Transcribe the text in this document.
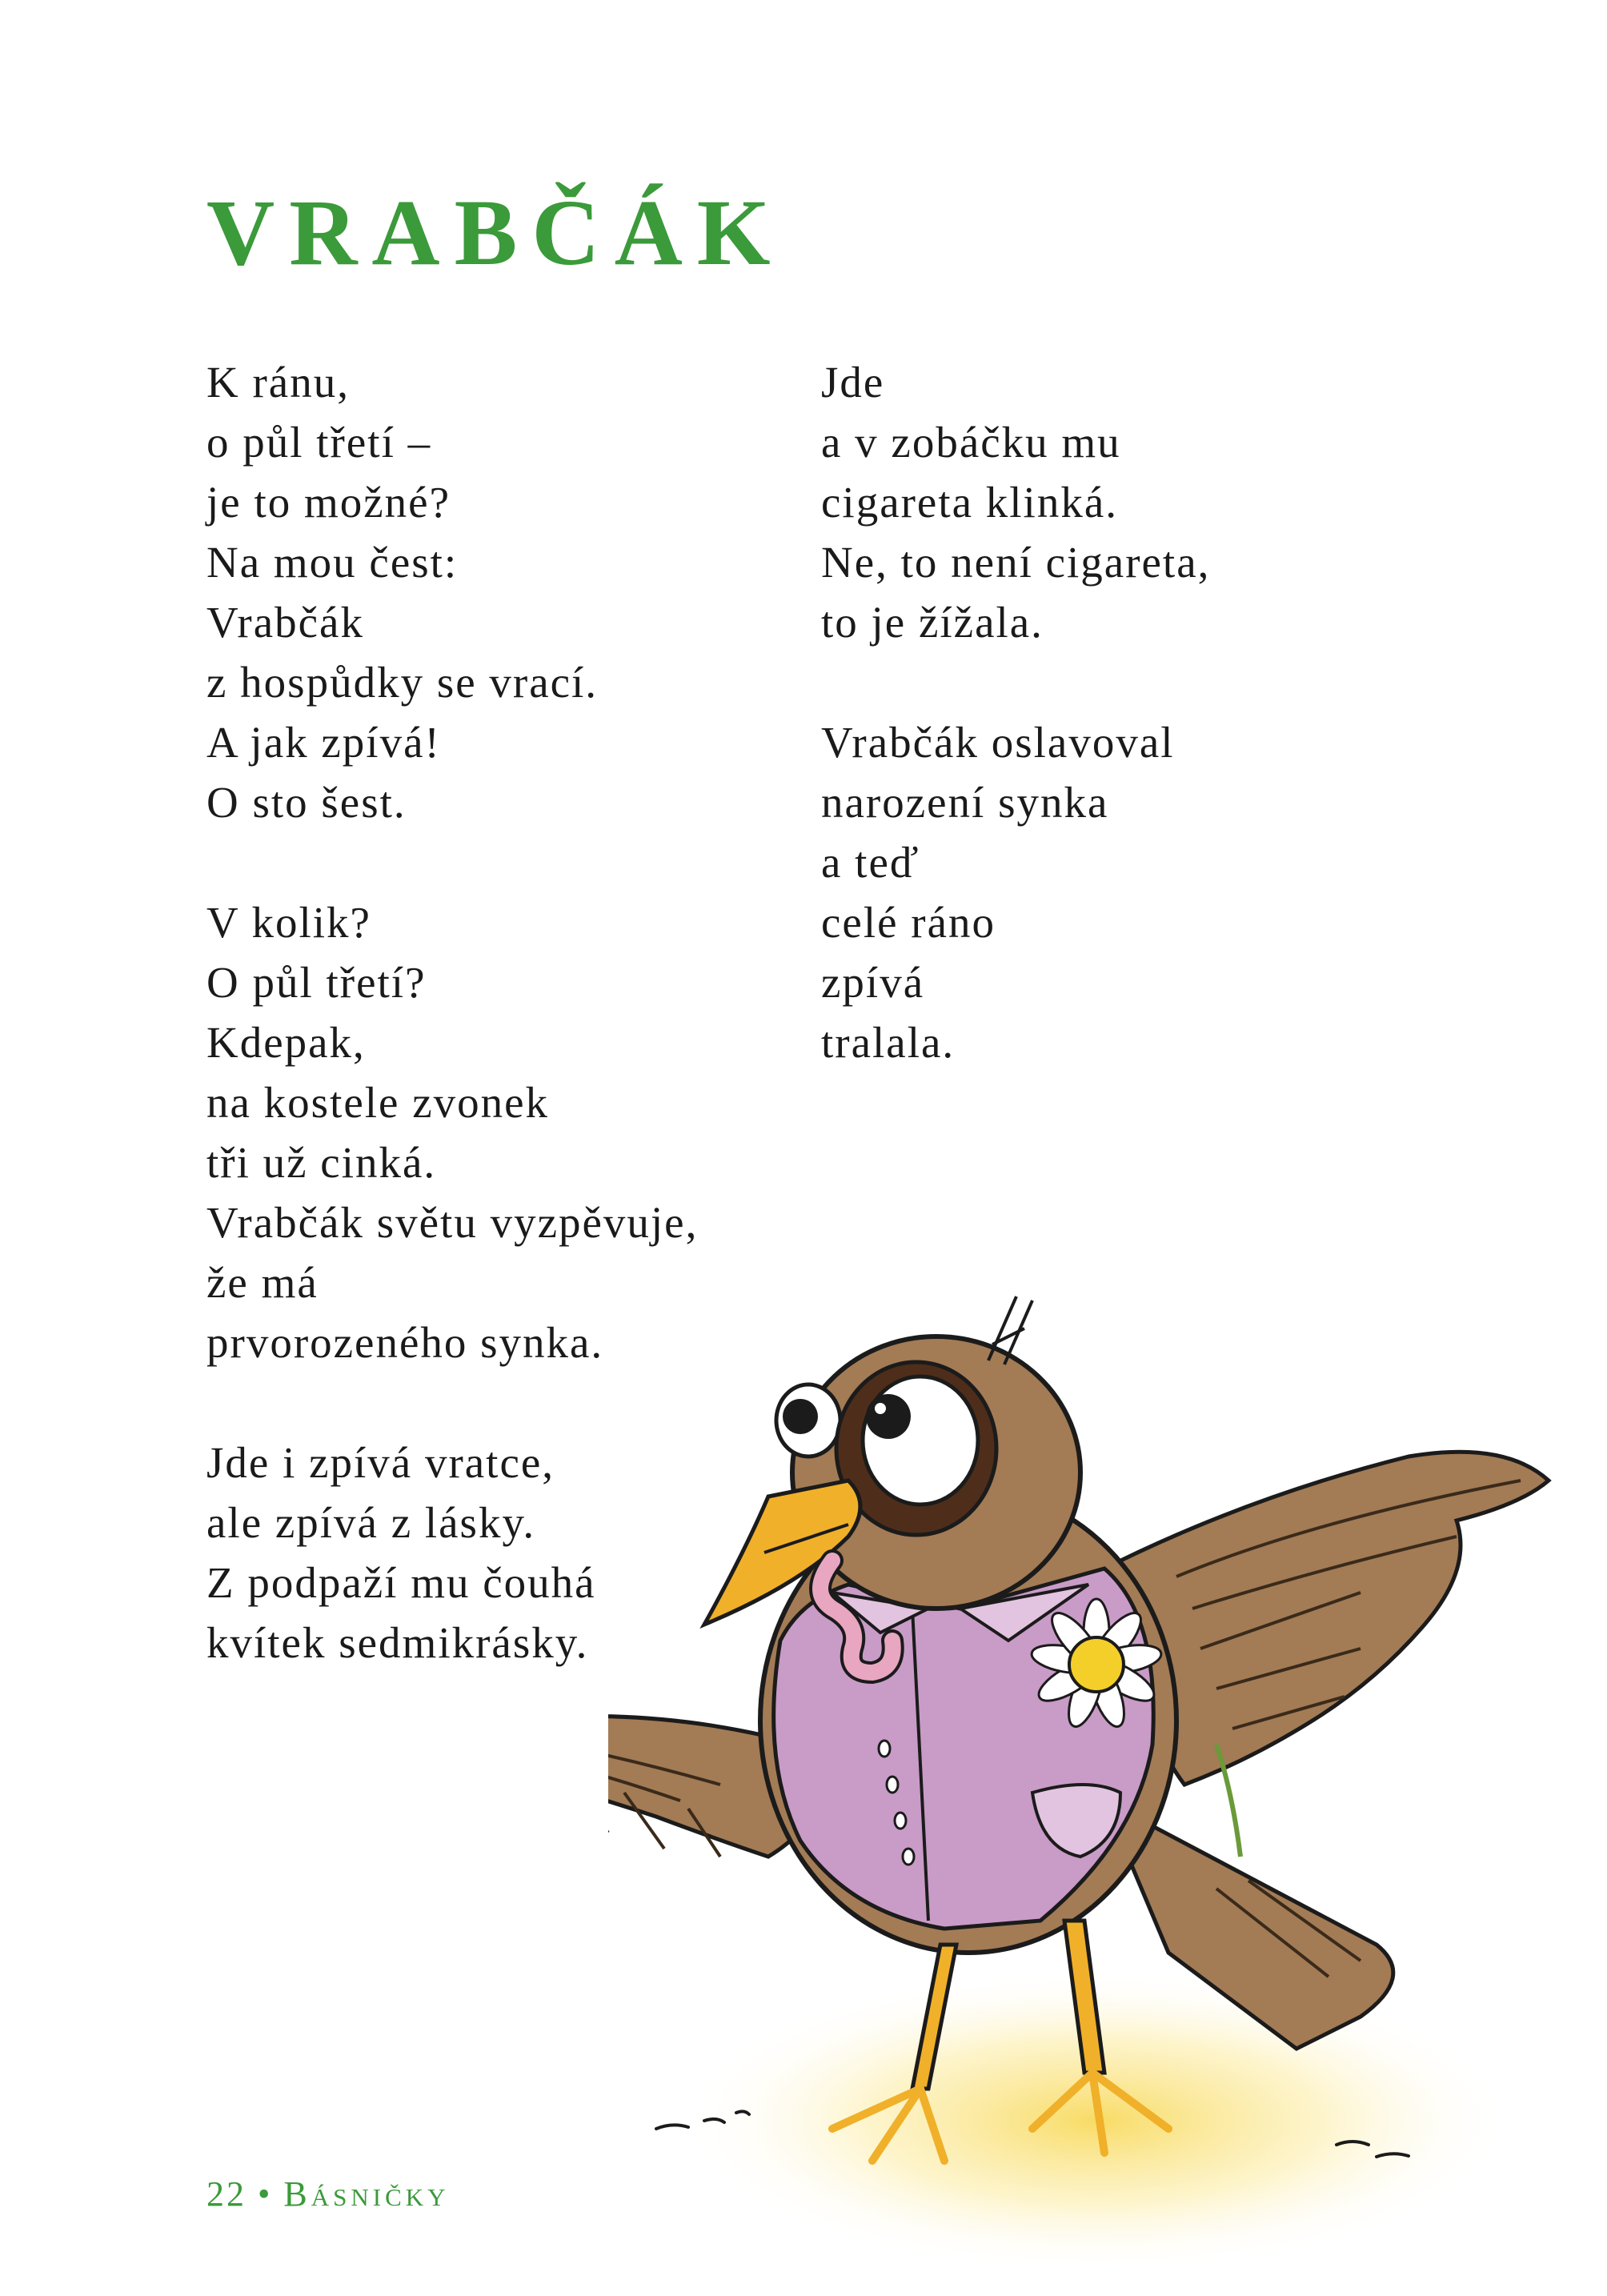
VRABČÁK
K ránu,
o půl třetí –
je to možné?
Na mou čest:
Vrabčák
z hospůdky se vrací.
A jak zpívá!
O sto šest.
V kolik?
O půl třetí?
Kdepak,
na kostele zvonek
tři už cinká.
Vrabčák světu vyzpěvuje,
že má
prvorozeného synka.
Jde i zpívá vratce,
ale zpívá z lásky.
Z podpaží mu čouhá
kvítek sedmikrásky.
Jde
a v zobáčku mu
cigareta klinká.
Ne, to není cigareta,
to je žížala.
Vrabčák oslavoval
narození synka
a teď
celé ráno
zpívá
tralala.
22 • Básničky
